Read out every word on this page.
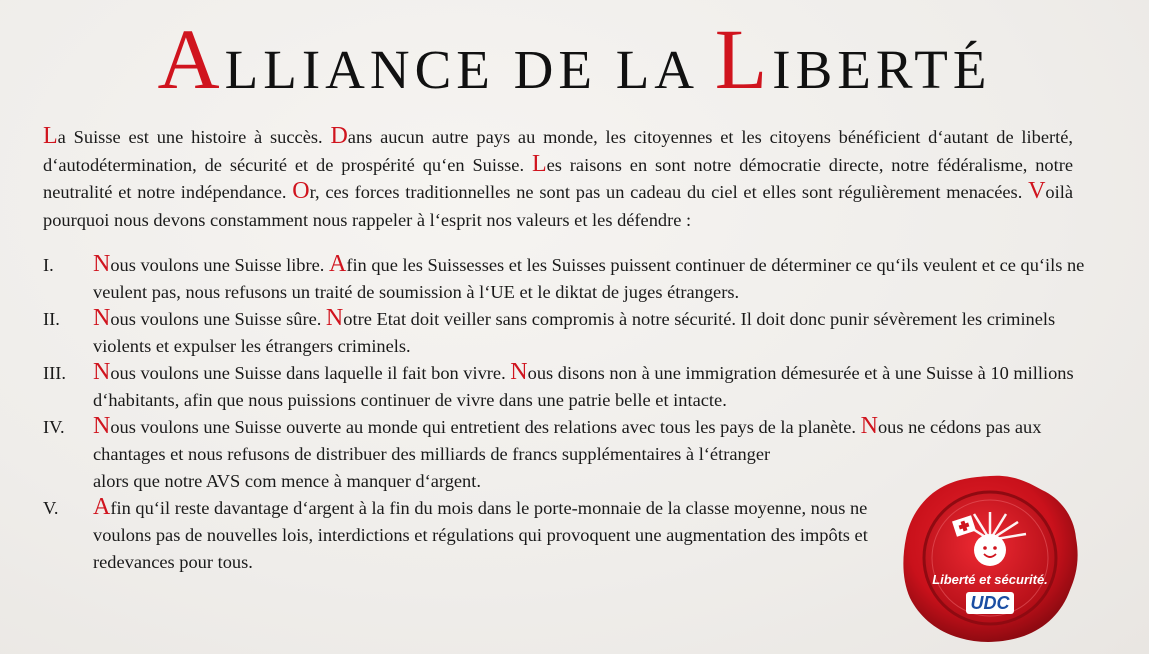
ALLIANCE DE LA LIBERTÉ

La Suisse est une histoire à succès. Dans aucun autre pays au monde, les citoyennes et les citoyens bénéficient d‘autant de liberté, d‘autodétermination, de sécurité et de prospérité qu‘en Suisse. Les raisons en sont notre démocratie directe, notre fédéralisme, notre neutralité et notre indépendance. Or, ces forces traditionnelles ne sont pas un cadeau du ciel et elles sont régulièrement menacées. Voilà pourquoi nous devons constamment nous rappeler à l‘esprit nos valeurs et les défendre :

I.	Nous voulons une Suisse libre. Afin que les Suissesses et les Suisses puissent continuer de déterminer ce qu‘ils veulent et ce qu‘ils ne veulent pas, nous refusons un traité de soumission à l‘UE et le diktat de juges étrangers.
II.	Nous voulons une Suisse sûre. Notre Etat doit veiller sans compromis à notre sécurité. Il doit donc punir sévèrement les criminels violents et expulser les étrangers criminels.
III.	Nous voulons une Suisse dans laquelle il fait bon vivre. Nous disons non à une immigration démesurée et à une Suisse à 10 millions d‘habitants, afin que nous puissions continuer de vivre dans une patrie belle et intacte.
IV.	Nous voulons une Suisse ouverte au monde qui entretient des relations avec tous les pays de la planète. Nous ne cédons pas aux chantages et nous refusons de distribuer des milliards de francs supplémentaires à l‘étranger
alors que notre AVS com mence à manquer d‘argent.
V.	Afin qu‘il reste davantage d‘argent à la fin du mois dans le porte-monnaie de la classe moyenne, nous ne voulons pas de nouvelles lois, interdictions et régulations qui provoquent une augmentation des impôts et redevances pour tous.
Liberté et sécurité.
UDC
